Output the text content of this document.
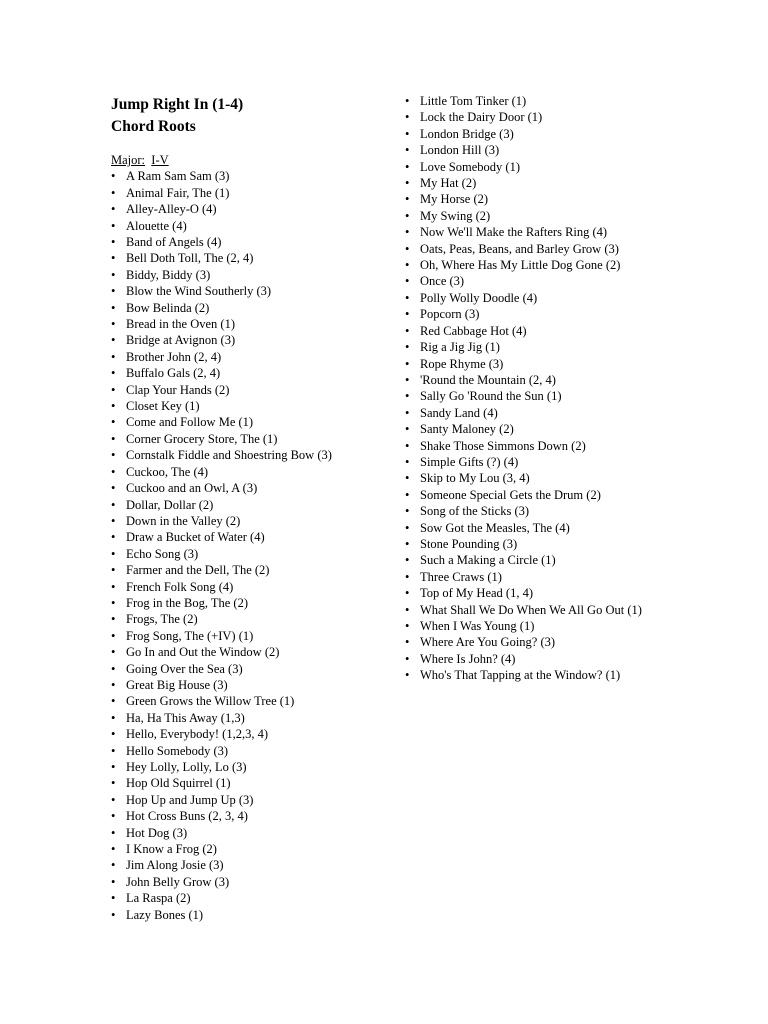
Jump Right In (1-4)
Chord Roots
Major: I-V
• A Ram Sam Sam (3)
• Animal Fair, The (1)
• Alley-Alley-O (4)
• Alouette (4)
• Band of Angels (4)
• Bell Doth Toll, The (2, 4)
• Biddy, Biddy (3)
• Blow the Wind Southerly (3)
• Bow Belinda (2)
• Bread in the Oven (1)
• Bridge at Avignon (3)
• Brother John (2, 4)
• Buffalo Gals (2, 4)
• Clap Your Hands (2)
• Closet Key (1)
• Come and Follow Me (1)
• Corner Grocery Store, The (1)
• Cornstalk Fiddle and Shoestring Bow (3)
• Cuckoo, The (4)
• Cuckoo and an Owl, A (3)
• Dollar, Dollar (2)
• Down in the Valley (2)
• Draw a Bucket of Water (4)
• Echo Song (3)
• Farmer and the Dell, The (2)
• French Folk Song (4)
• Frog in the Bog, The (2)
• Frogs, The (2)
• Frog Song, The (+IV) (1)
• Go In and Out the Window (2)
• Going Over the Sea (3)
• Great Big House (3)
• Green Grows the Willow Tree (1)
• Ha, Ha This Away (1,3)
• Hello, Everybody! (1,2,3, 4)
• Hello Somebody (3)
• Hey Lolly, Lolly, Lo (3)
• Hop Old Squirrel (1)
• Hop Up and Jump Up (3)
• Hot Cross Buns (2, 3, 4)
• Hot Dog (3)
• I Know a Frog (2)
• Jim Along Josie (3)
• John Belly Grow (3)
• La Raspa (2)
• Lazy Bones (1)
• Little Tom Tinker (1)
• Lock the Dairy Door (1)
• London Bridge (3)
• London Hill (3)
• Love Somebody (1)
• My Hat (2)
• My Horse (2)
• My Swing (2)
• Now We'll Make the Rafters Ring (4)
• Oats, Peas, Beans, and Barley Grow (3)
• Oh, Where Has My Little Dog Gone (2)
• Once (3)
• Polly Wolly Doodle (4)
• Popcorn (3)
• Red Cabbage Hot (4)
• Rig a Jig Jig (1)
• Rope Rhyme (3)
• 'Round the Mountain (2, 4)
• Sally Go 'Round the Sun (1)
• Sandy Land (4)
• Santy Maloney (2)
• Shake Those Simmons Down (2)
• Simple Gifts (?) (4)
• Skip to My Lou (3, 4)
• Someone Special Gets the Drum (2)
• Song of the Sticks (3)
• Sow Got the Measles, The (4)
• Stone Pounding (3)
• Such a Making a Circle (1)
• Three Craws (1)
• Top of My Head (1, 4)
• What Shall We Do When We All Go Out (1)
• When I Was Young (1)
• Where Are You Going? (3)
• Where Is John? (4)
• Who's That Tapping at the Window? (1)
